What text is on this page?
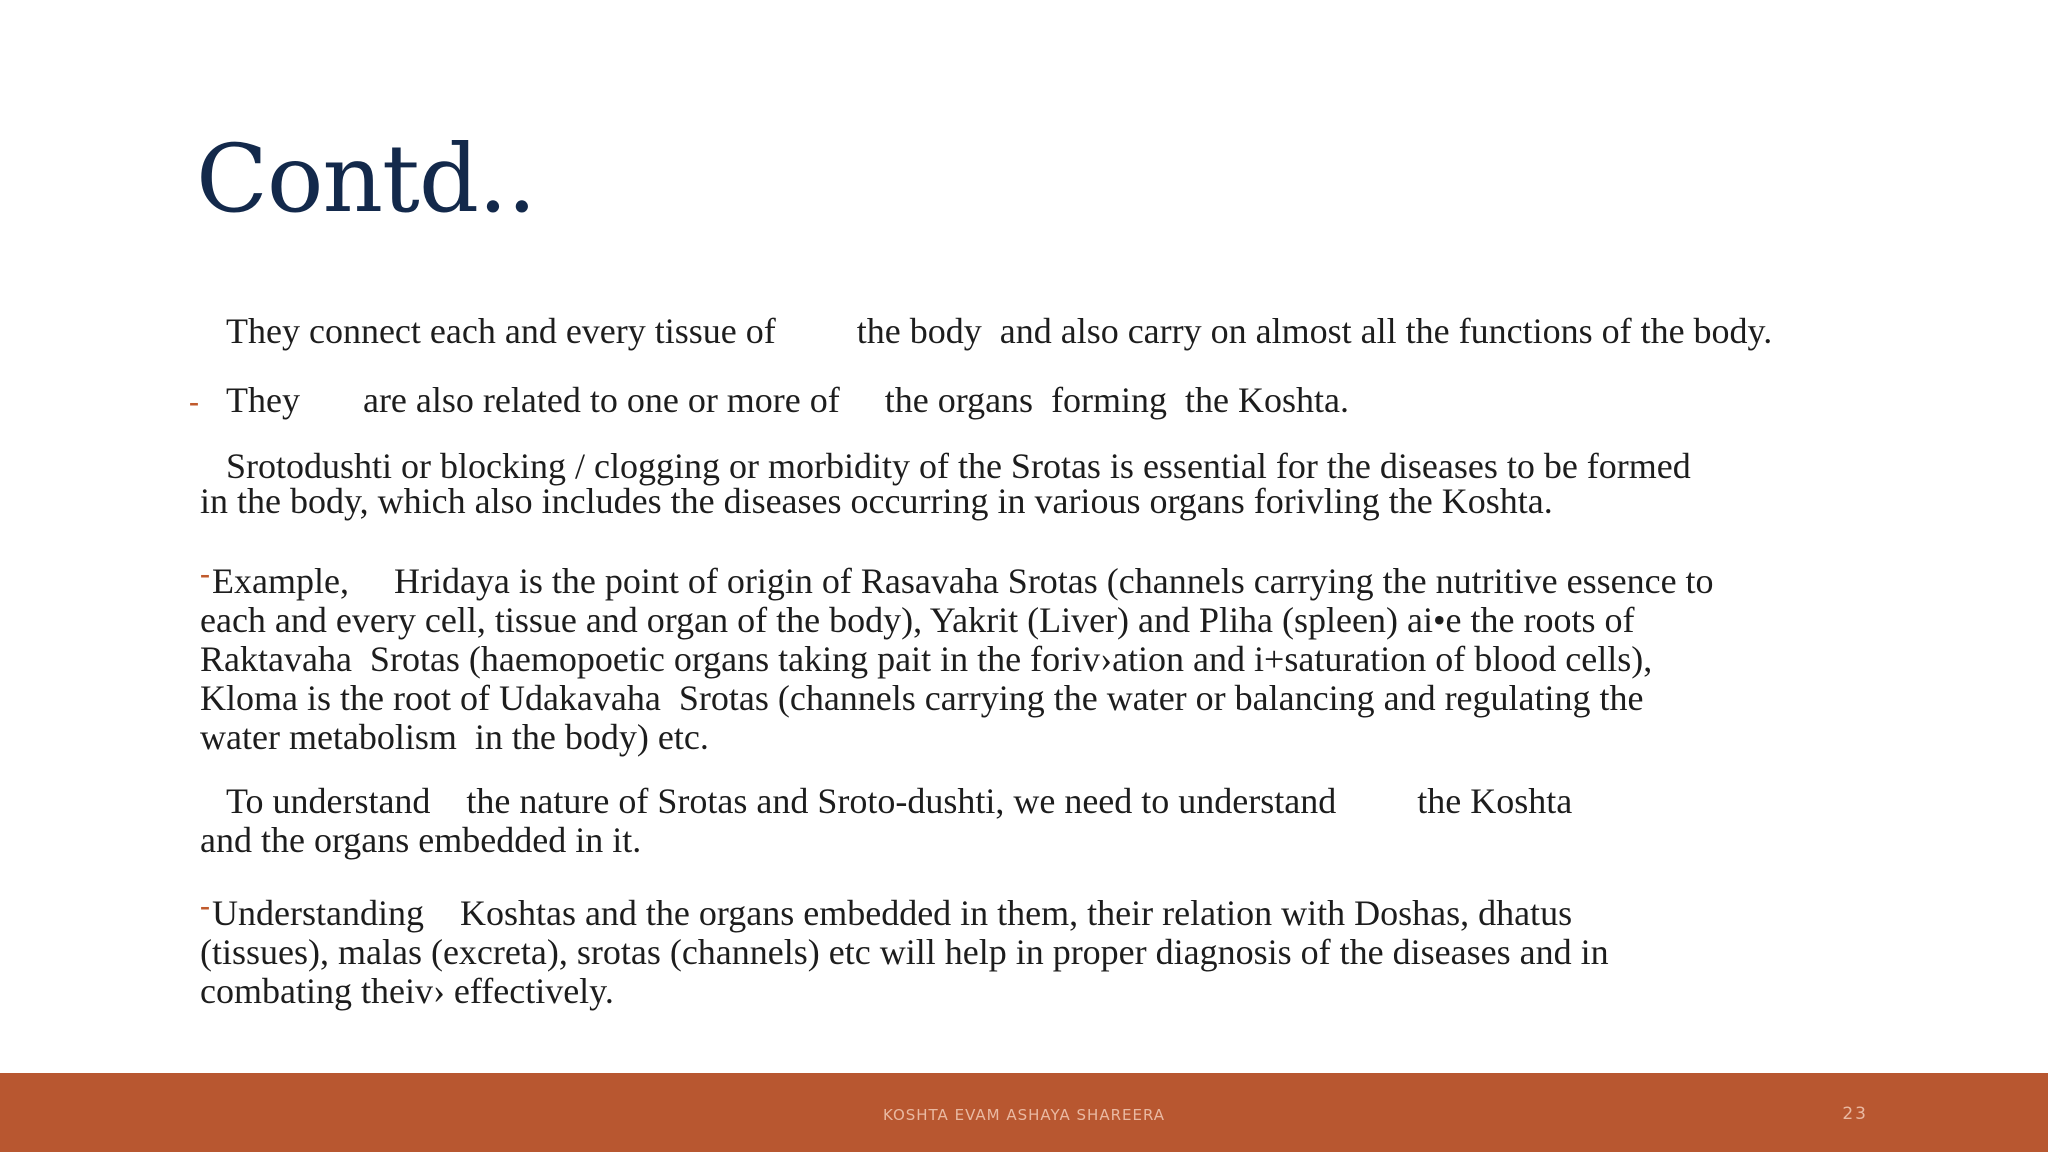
Contd..
They connect each and every tissue of         the body  and also carry on almost all the functions of the body.
- They       are also related to one or more of     the organs  forming  the Koshta.
Srotodushti or blocking / clogging or morbidity of the Srotas is essential for the diseases to be formed
in the body, which also includes the diseases occurring in various organs forivling the Koshta.
-Example,     Hridaya is the point of origin of Rasavaha Srotas (channels carrying the nutritive essence to
each and every cell, tissue and organ of the body), Yakrit (Liver) and Pliha (spleen) ai•e the roots of
Raktavaha  Srotas (haemopoetic organs taking pait in the foriv›ation and i+saturation of blood cells),
Kloma is the root of Udakavaha  Srotas (channels carrying the water or balancing and regulating the
water metabolism  in the body) etc.
To understand    the nature of Srotas and Sroto-dushti, we need to understand         the Koshta
and the organs embedded in it.
-Understanding    Koshtas and the organs embedded in them, their relation with Doshas, dhatus
(tissues), malas (excreta), srotas (channels) etc will help in proper diagnosis of the diseases and in
combating theiv› effectively.
KOSHTA EVAM ASHAYA SHAREERA	23
